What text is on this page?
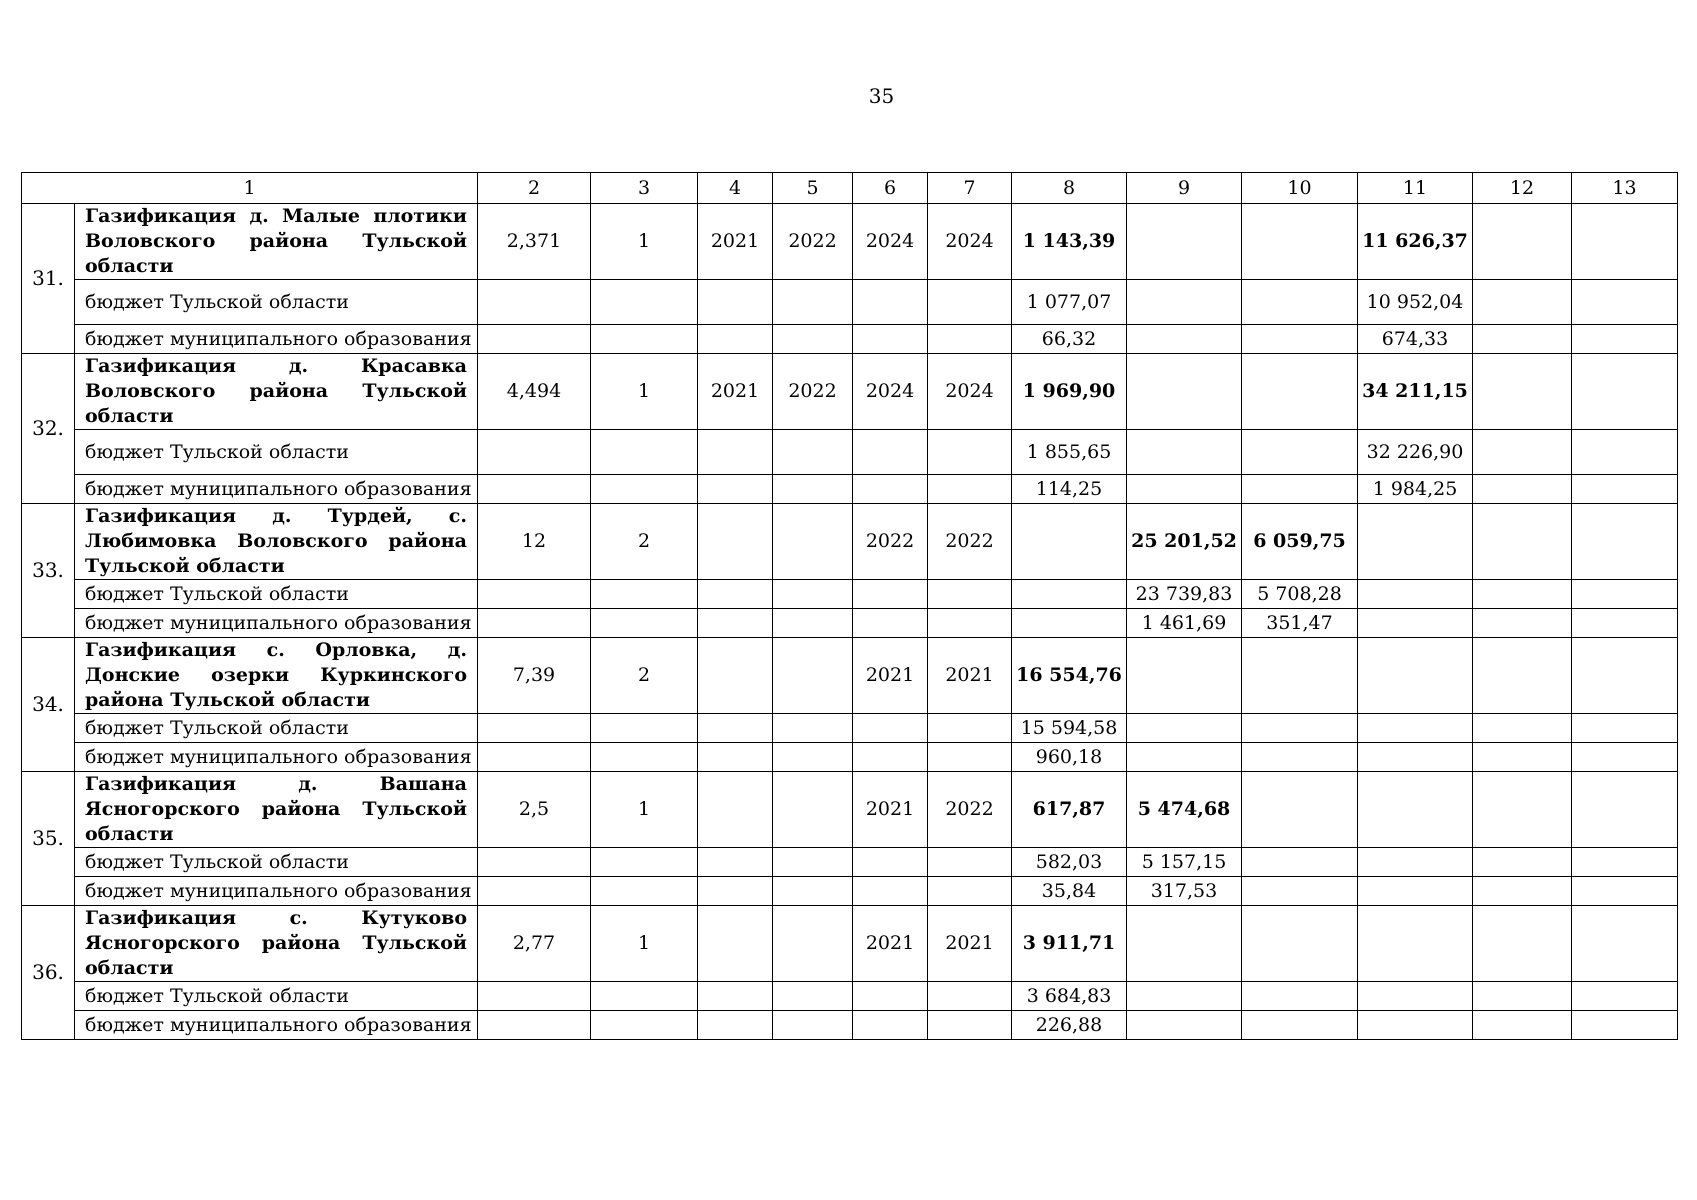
35
1		2	3	4	5	6	7	8	9	10	11	12	13
31.	Газификация д. Малые плотики Воловского района Тульской области	2,371	1	2021	2022	2024	2024	1 143,39			11 626,37		
	бюджет Тульской области							1 077,07			10 952,04		
	бюджет муниципального образования							66,32			674,33		
32.	Газификация д. Красавка Воловского района Тульской области	4,494	1	2021	2022	2024	2024	1 969,90			34 211,15		
	бюджет Тульской области							1 855,65			32 226,90		
	бюджет муниципального образования							114,25			1 984,25		
33.	Газификация д. Турдей, с. Любимовка Воловского района Тульской области	12	2			2022	2022		25 201,52	6 059,75			
	бюджет Тульской области								23 739,83	5 708,28			
	бюджет муниципального образования								1 461,69	351,47			
34.	Газификация с. Орловка, д. Донские озерки Куркинского района Тульской области	7,39	2			2021	2021	16 554,76					
	бюджет Тульской области							15 594,58					
	бюджет муниципального образования							960,18					
35.	Газификация д. Вашана Ясногорского района Тульской области	2,5	1			2021	2022	617,87	5 474,68				
	бюджет Тульской области							582,03	5 157,15				
	бюджет муниципального образования							35,84	317,53				
36.	Газификация с. Кутуково Ясногорского района Тульской области	2,77	1			2021	2021	3 911,71					
	бюджет Тульской области							3 684,83					
	бюджет муниципального образования							226,88					
